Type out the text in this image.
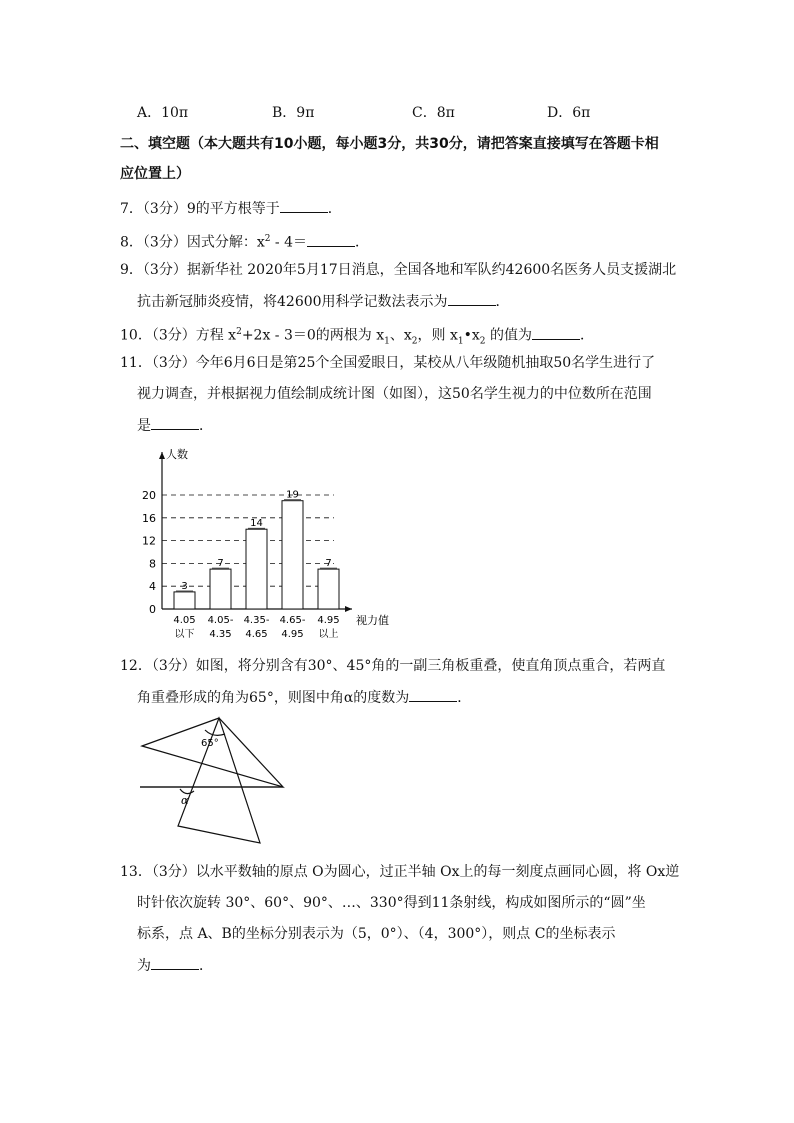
A．10π	B．9π	C．8π	D．6π
二、填空题（本大题共有10小题，每小题3分，共30分，请把答案直接填写在答题卡相
应位置上）
7．（3分）9的平方根等于	．
8．（3分）因式分解：$x^2 - 4=$	．
9．（3分）据新华社 2020年5月17日消息，全国各地和军队约42600名医务人员支援湖北
抗击新冠肺炎疫情，将42600用科学记数法表示为	．
10．（3分）方程 $x^2+2x - 3=0$的两根为 $x_1$、$x_2$，则 $x_1•x_2$ 的值为	．
11．（3分）今年6月6日是第25个全国爱眼日，某校从八年级随机抽取50名学生进行了
视力调查，并根据视力值绘制成统计图（如图），这50名学生视力的中位数所在范围
是	．
人数
视力值
0
4
8
12
16
20
3
4.05
以下
7
4.05-
4.35
14
4.35-
4.65
19
4.65-
4.95
7
4.95
以上
12．（3分）如图，将分别含有30°、45°角的一副三角板重叠，使直角顶点重合，若两直
角重叠形成的角为65°，则图中角α的度数为	．
65°
α
13．（3分）以水平数轴的原点 O为圆心，过正半轴 Ox上的每一刻度点画同心圆，将 Ox逆
时针依次旋转 30°、60°、90°、…、330°得到11条射线，构成如图所示的“圆”坐
标系，点 A、B的坐标分别表示为（5，0°）、（4，300°），则点 C的坐标表示
为	．
